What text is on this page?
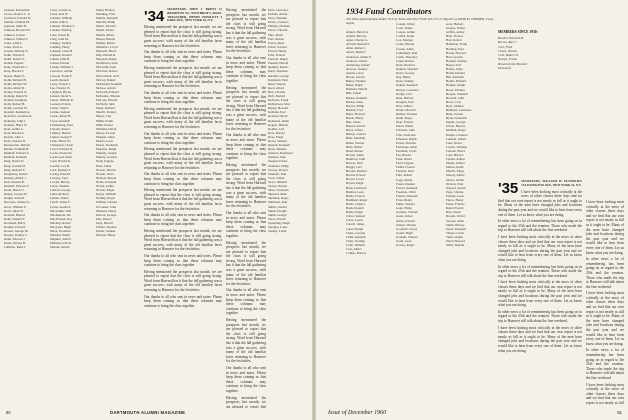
Jackson, Kenneth R.
Jacobs, Robert L., Jr.
Jacobson, Edward D.
Jenkins, William M.
Jeppson, Allen H.
Johnson, Howard W.
Johnson, Lyman
Johnson, Wilbur S.
Jones, Allan L.
Jones, Eben G.
Jordan, Sterling W.
Kahn, Warren S.
Kahrl, Robert E.
Kalish, Eugene
Kane, Frederick J.
Karp, Harold S.
Keene, Henry E.
Keith, Richard H.
Keith, Richard W.
Keller, Allen M.
Kelley, Francis X.
Kellogg, Ralph W.
Kellum, Douglass
Kelly, Robert H.
Kemp, Gordon W.
Kendall, Kenneth A.
Kenefick, Clarence R.
Kennedy, John J.
Kennett, Harry W.
Kent, Arthur S.
Kern, Harold A.
Kestler, John J.
Kidd, Charles H.
Kiesewetter, Herbert
Killam, Franklin H.
Kimball, Edward G.
Kimball, Kenneth
King, David W.
King, Gordon H.
King, Richard F.
Kingsbury, Robert
Kinsley, Arthur J.
Kirk, Donald B.
Kitchell, Edward F.
Klein, Harold J.
Knapp, George H.
Knight, Allen R.
Knowles, Samuel G.
Knox, William E.
Koch, Albert E.
Koerner, Harold
Kohl, Chester E.
Kortlandt, Harry
Kramer, Edward
Krause, George M.
Kresge, Stanley S.
Kuhn, Edward J.
Kuntz, Robert B.
LaBonte, Rene J.
Lacey, Joseph A.
Ladd, Alan W.
Laidlaw, William
Lamb, John F.
Lamont, Thomas S.
Landon, Sterling
Lane, Ernest B.
Lang, John M.
Langley, Sydney
Lanning, Harry
Lansing, Louis H.
Lapham, Donald
Larkin, John B.
Larsen, Harold
Lauder, William J.
Lawrence, Arthur
Lawson, Frank E.
Leach, Russell
Leary, Francis J.
Lee, Charles W.
Leighton, Byron
Leland, David S.
Lenox, William R.
Leonard, Edwin
Lerner, Morris
Levine, Samuel
Lewis, Albert H.
Lewis, Kendall
Lichtenberg, Paul
Lincoln, Ernest
Lindsay, Harold
Linton, George F.
Little, Henry W.
Livingston, Clyde
Lloyd, Edward R.
Locke, Frederick
Lockwood, Allen
Loeb, Harold R.
Loomis, Lee B.
Lord, Rodney F.
Loring, Edward
Lovejoy, Paul
Lowell, Harvey
Lucas, Thomas
Ludlow, George
Lund, Richard
Lyman, Walter
Lynch, James F.
Lyons, Austin P.
MacArthur, Neil
MacDonald, Ian
MacFarland, Roy
MacKay, Robert
MacLean, Hugh
Mack, Frederick
Madden, Walter
Maguire, John F.
Mahoney, David
Malone, Arthur
Mann, Herbert
Manning, Fred
Marble, Kenneth
Marden, Philip
Marks, Edward
Marsh, Walter
Martin, Albert
Mason, Harold
Mather, Robert
Matthews, Lloyd
Maxwell, Bruce
May, Harold R.
Maynard, Ralph
McAllister, John
McCarthy, Paul
McClure, Robert
McCormick, Arch
McCoy, Daniel
McDonald, Kenneth
McGee, Arnold
McGrath, Edward
McKenna, Thomas
McLane, Harold
McNally, John
Mead, Richard
Merrill, Stanley
Meyer, Carl
Miller, Frank
Mills, Robert
Mitchell, David
Moore, Everett
Morgan, Allen
Morris, Leon
Morse, Frederick
Moulton, Ralph
Murphy, Joseph
Murray, Gordon
Nash, Eugene
Neal, Alden
Nelson, Harold
Newell, Ward
Nichols, Barton
Noble, Kenneth
Norris, Arthur
Norton, Edgar
Noyes, William
Nutting, Roger
O'Brien, Charles
O'Connor, John
Olmsted, Henry
Osborn, George
Otis, Robert
Page, Harold
Palmer, Thomas
Parker, Samuel
Parsons, Henry
'34 SECRETARY, JOHN J. BRENT 12 BRIGHTON ST., WINTHROP 2, MASS. TREASURER, HENRY HOWLETT 4 PARK AVE., NEW YORK 16, N.Y.

Having mentioned the prospects last month, we are pleased to report that the class is still going strong. Word from Harvard has it that the fall gathering was a great success, with many of the old familiar faces returning to Hanover for the festivities.

Our thanks to all who sent in news and notes. Please keep them coming so that these columns may continue to bring the class together.

Having mentioned the prospects last month, we are pleased to report that the class is still going strong. Word from Harvard has it that the fall gathering was a great success, with many of the old familiar faces returning to Hanover for the festivities.

Our thanks to all who sent in news and notes. Please keep them coming so that these columns may continue to bring the class together.

Having mentioned the prospects last month, we are pleased to report that the class is still going strong. Word from Harvard has it that the fall gathering was a great success, with many of the old familiar faces returning to Hanover for the festivities.

Our thanks to all who sent in news and notes. Please keep them coming so that these columns may continue to bring the class together.

Having mentioned the prospects last month, we are pleased to report that the class is still going strong. Word from Harvard has it that the fall gathering was a great success, with many of the old familiar faces returning to Hanover for the festivities.

Our thanks to all who sent in news and notes. Please keep them coming so that these columns may continue to bring the class together.

Having mentioned the prospects last month, we are pleased to report that the class is still going strong. Word from Harvard has it that the fall gathering was a great success, with many of the old familiar faces returning to Hanover for the festivities.

Our thanks to all who sent in news and notes. Please keep them coming so that these columns may continue to bring the class together.

Having mentioned the prospects last month, we are pleased to report that the class is still going strong. Word from Harvard has it that the fall gathering was a great success, with many of the old familiar faces returning to Hanover for the festivities.

Our thanks to all who sent in news and notes. Please keep them coming so that these columns may continue to bring the class together.

Having mentioned the prospects last month, we are pleased to report that the class is still going strong. Word from Harvard has it that the fall gathering was a great success, with many of the old familiar faces returning to Hanover for the festivities.

Our thanks to all who sent in news and notes. Please keep them coming so that these columns may continue to bring the class together.

Having mentioned the prospects last month, we are pleased to report that the class is still going strong. Word from Harvard has it that the fall gathering was a great success, with many of the old familiar faces returning to Hanover for the festivities.

Our thanks to all who sent in news and notes. Please keep them coming so that these columns may continue to bring the class together.

Having mentioned the prospects last month, we are pleased to report that the class is still going strong. Word from Harvard has it that the fall gathering was a great success, with many of the old familiar faces returning to Hanover for the festivities.

Our thanks to all who sent in news and notes. Please keep them coming so that these columns may continue to bring the class together.

Having mentioned the prospects last month, we are pleased to report that the class is still going strong. Word from Harvard has it that the fall gathering was a great success, with many of the old familiar faces returning to Hanover for the festivities.

Our thanks to all who sent in news and notes. Please keep them coming so that these columns may continue to bring the class together.

Having mentioned the prospects last month, we are pleased to report that the class is still going strong. Word from Harvard has it that the fall gathering was a great success, with many of the old familiar faces returning to Hanover for the festivities.

Our thanks to all who sent in news and notes. Please keep them coming so that these columns may continue to bring the class together.

Having mentioned the prospects last month, we are pleased to report that the class is still going strong. Word from Harvard has it that the fall gathering was a great success, with many of the old familiar faces returning to Hanover for the festivities.

Our thanks to all who sent in news and notes. Please keep them coming so that these columns may continue to bring the class together.

Having mentioned the prospects last month, we are pleased to report that

Peck, Lawrence
Perkins, Arthur
Perry, Wendell
Peters, Clarence
Phillips, Norman
Pierce, Vincent
Pike, Albert
Platt, Robert
Porter, Allen
Potter, Edward
Powell, Henry
Pratt, Francis
Prescott, Ralph
Putnam, Harold
Quimby, Robert
Rand, Sherman
Randall, George
Raymond, Paul
Read, Warren
Reed, Albert
Rice, Charles
Rich, Donald
Richards, Frank
Richardson, Max
Ripley, Howard
Robbins, Earl
Roberts, David
Robinson, Keith
Rogers, Herbert
Rollins, Carl
Root, Harold
Ross, Edgar
Rowe, Samuel
Russell, Kenneth
Ryan, Thomas
Sanborn, Raymond
Sanders, Alan
Sargent, Ernest
Saunders, Philip
Sawyer, Robert
Schaefer, Paul
Scott, Walter
Sears, William
Seaver, Harold
Shaw, Frederick
Shepard, Allen
Sherman, Roger
Simmons, Karl
Smith, Chester
Smith, Dwight
Smith, George
Snow, Everett
Spaulding, Hugh
Sprague, Louis
Stanley, Frank
80	DARTMOUTH ALUMNI MAGAZINE
1934 Fund Contributors
255 Gifts (Participation Index 76.2%) Total Gifts $5,779.00 (93.7% of Objective) JOHN D. O'BRIEN, Class Agent
Abbott, Harold A.
Adams, Barclay
Agan, Charles G.
Aldrich, Russell F.
Allen, Robert J.
Alpert, Herbert
Anderson, Arthur E.
Andrews, Walter
Armstrong, Daniel
Atwood, Stanley
Austin, Leroy
Bacon, Gerald
Bailey, Thomas
Baker, Ralph
Baldwin, Harold
Ball, Ernest
Barker, Kenneth
Barnes, John
Barrett, Philip
Bartlett, Ford
Bates, Howard
Beach, Henry
Bell, Stuart
Benson, David
Berry, Alfred
Bishop, Arnold
Blair, Marshall
Blake, Warren
Bliss, Walter
Bond, Robert
Bowen, Allen
Bradford, John
Brewer, Paul
Briggs, Carl
Brooks, Richard
Brown, Everett
Brown, Lloyd
Bryant, Hugh
Buck, Frederick
Bullard, Leon
Burke, Francis
Burnham, Roger
Burns, Charles
Bush, Donald
Butler, Edgar
Cabot, Samuel
Carey, Lewis
Carroll, James
Carter, Ralph
Chase, Gordon
Child, Kenneth
Clark, Sterling
Cobb, William
Cole, Albert
Collins, Harvey
Conant, Irving
Cook, Walter
Cooper, Arthur
Corliss, Frank
Cox, Morgan
Crane, Harold
Crosby, Allen
Cummings, Paul
Curtis, Theodore
Cutler, Robert
Dana, Richard
Daniels, Wendell
Davis, George
Day, Henry
Dean, Stanley
Dennis, Kenneth
Dewey, Lawrence
Dodge, Carl
Dole, Herbert
Douglas, Earl
Dow, Gilbert
Drake, Howard
Dudley, Thomas
Dunn, Roger
Dyer, Francis
Eaton, Walter
Edwards, John
Ellis, Frederick
Emerson, Ralph
Evans, Norman
Fairbanks, Allen
Farnham, Clyde
Fay, Harold
Fenn, David
Field, Eugene
Fisher, Everett
Fletcher, Paul
Flint, Robert
Fogg, Arthur
Foster, Donald
Fowler, Kenneth
Freeman, Ward
French, Sherman
Frost, Henry
Fuller, Samuel
Gage, Philip
Gardner, Vincent
Gates, Albert
Gibbs, Edward
Gilbert, Warren
Goodwin, Lloyd
Gould, Hugh
Graham, Charles
Grant, Leon
Graves, Roger
Gray, Herbert
Greene, Walter
Griffin, Arthur
Hale, Francis
Hall, Robert
Hamilton, Frank
Harding, Paul
Harris, Howard
Hart, Gordon
Haskell, Stanley
Hayes, Earl
Hazen, Allen
Heath, Donald
Hill, Kenneth
Hobbs, Richard
Holmes, Ralph
Hood, Thomas
Hooper, Wendell
Howard, John
Howe, Carl
Hoyt, Samuel
Hubbard, Lawrence
Hunt, Everett
Hyde, Frederick
Ingalls, George
Jewett, Harold
Kimball, Roger
Knight, Clarence
Lamson, Alfred
Lane, David
Leavitt, Norman
Lincoln, Bruce
Lord, Herbert
Lyman, Arthur
Marsh, Gilbert
Mason, Keith
Merrill, Edgar
Moody, Albert
Morse, Walter
Nichols, Paul
Osgood, Robert
Page, Charles
Perkins, Leon
Pierce, Henry
Potter, Francis
Rand, Everett
Rice, Stuart
Rowell, David
Sawyer, Allen
Smith, Harvey
Stone, Kenneth
Thayer, Lewis
Tuttle, Ralph
Ward, Howard
Wells, Donald
'35 SECRETARY, WILLIAM W. FUNDELIUS 15 LEXINGTON AVE., NEW YORK 10, N.Y.

I have been looking most critically at the news of other classes these days and we find that our own report is not nearly as full as it ought to be. Many of the men have changed jobs and locations during the past year and we would like to hear from every one of them. Let us know what you are doing.

In other news a lot of remembering has been going on in regard to the 25th and the reunion. Those who made the trip to Hanover still talk about the fine weekend.

I have been looking most critically at the news of other classes these days and we find that our own report is not nearly as full as it ought to be. Many of the men have changed jobs and locations during the past year and we would like to hear from every one of them. Let us know what you are doing.

In other news a lot of remembering has been going on in regard to the 25th and the reunion. Those who made the trip to Hanover still talk about the fine weekend.

I have been looking most critically at the news of other classes these days and we find that our own report is not nearly as full as it ought to be. Many of the men have changed jobs and locations during the past year and we would like to hear from every one of them. Let us know what you are doing.

In other news a lot of remembering has been going on in regard to the 25th and the reunion. Those who made the trip to Hanover still talk about the fine weekend.

I have been looking most critically at the news of other classes these days and we find that our own report is not nearly as full as it ought to be. Many of the men have changed jobs and locations during the past year and we would like to hear from every one of them. Let us know what you are doing.

I have been looking most critically at the news of other classes these days and we find that our own report is not nearly as full as it ought to be. Many of the men have changed jobs and locations during the past year and we would like to hear from every one of them. Let us know what you are doing.

In other news a lot of remembering has been going on in regard to the 25th and the reunion. Those who made the trip to Hanover still talk about the fine weekend.

I have been looking most critically at the news of other classes these days and we find that our own report is not nearly as full as it ought to be. Many of the men have changed jobs and locations during the past year and we would like to hear from every one of them. Let us know what you are doing.

In other news a lot of remembering has been going on in regard to the 25th and the reunion. Those who made the trip to Hanover still talk about the fine weekend.

I have been looking most critically at the news of other classes these days and we find that our own report is not nearly as full

MEMBERS SINCE 1930:
Brother, Edward H.
Brown, Ray C.
Carr, Ford
Chase, Nelson
Cole, Robert D.
Nelson, Frank
Honored Life Member
Deceased
Issue of December 1960	81
